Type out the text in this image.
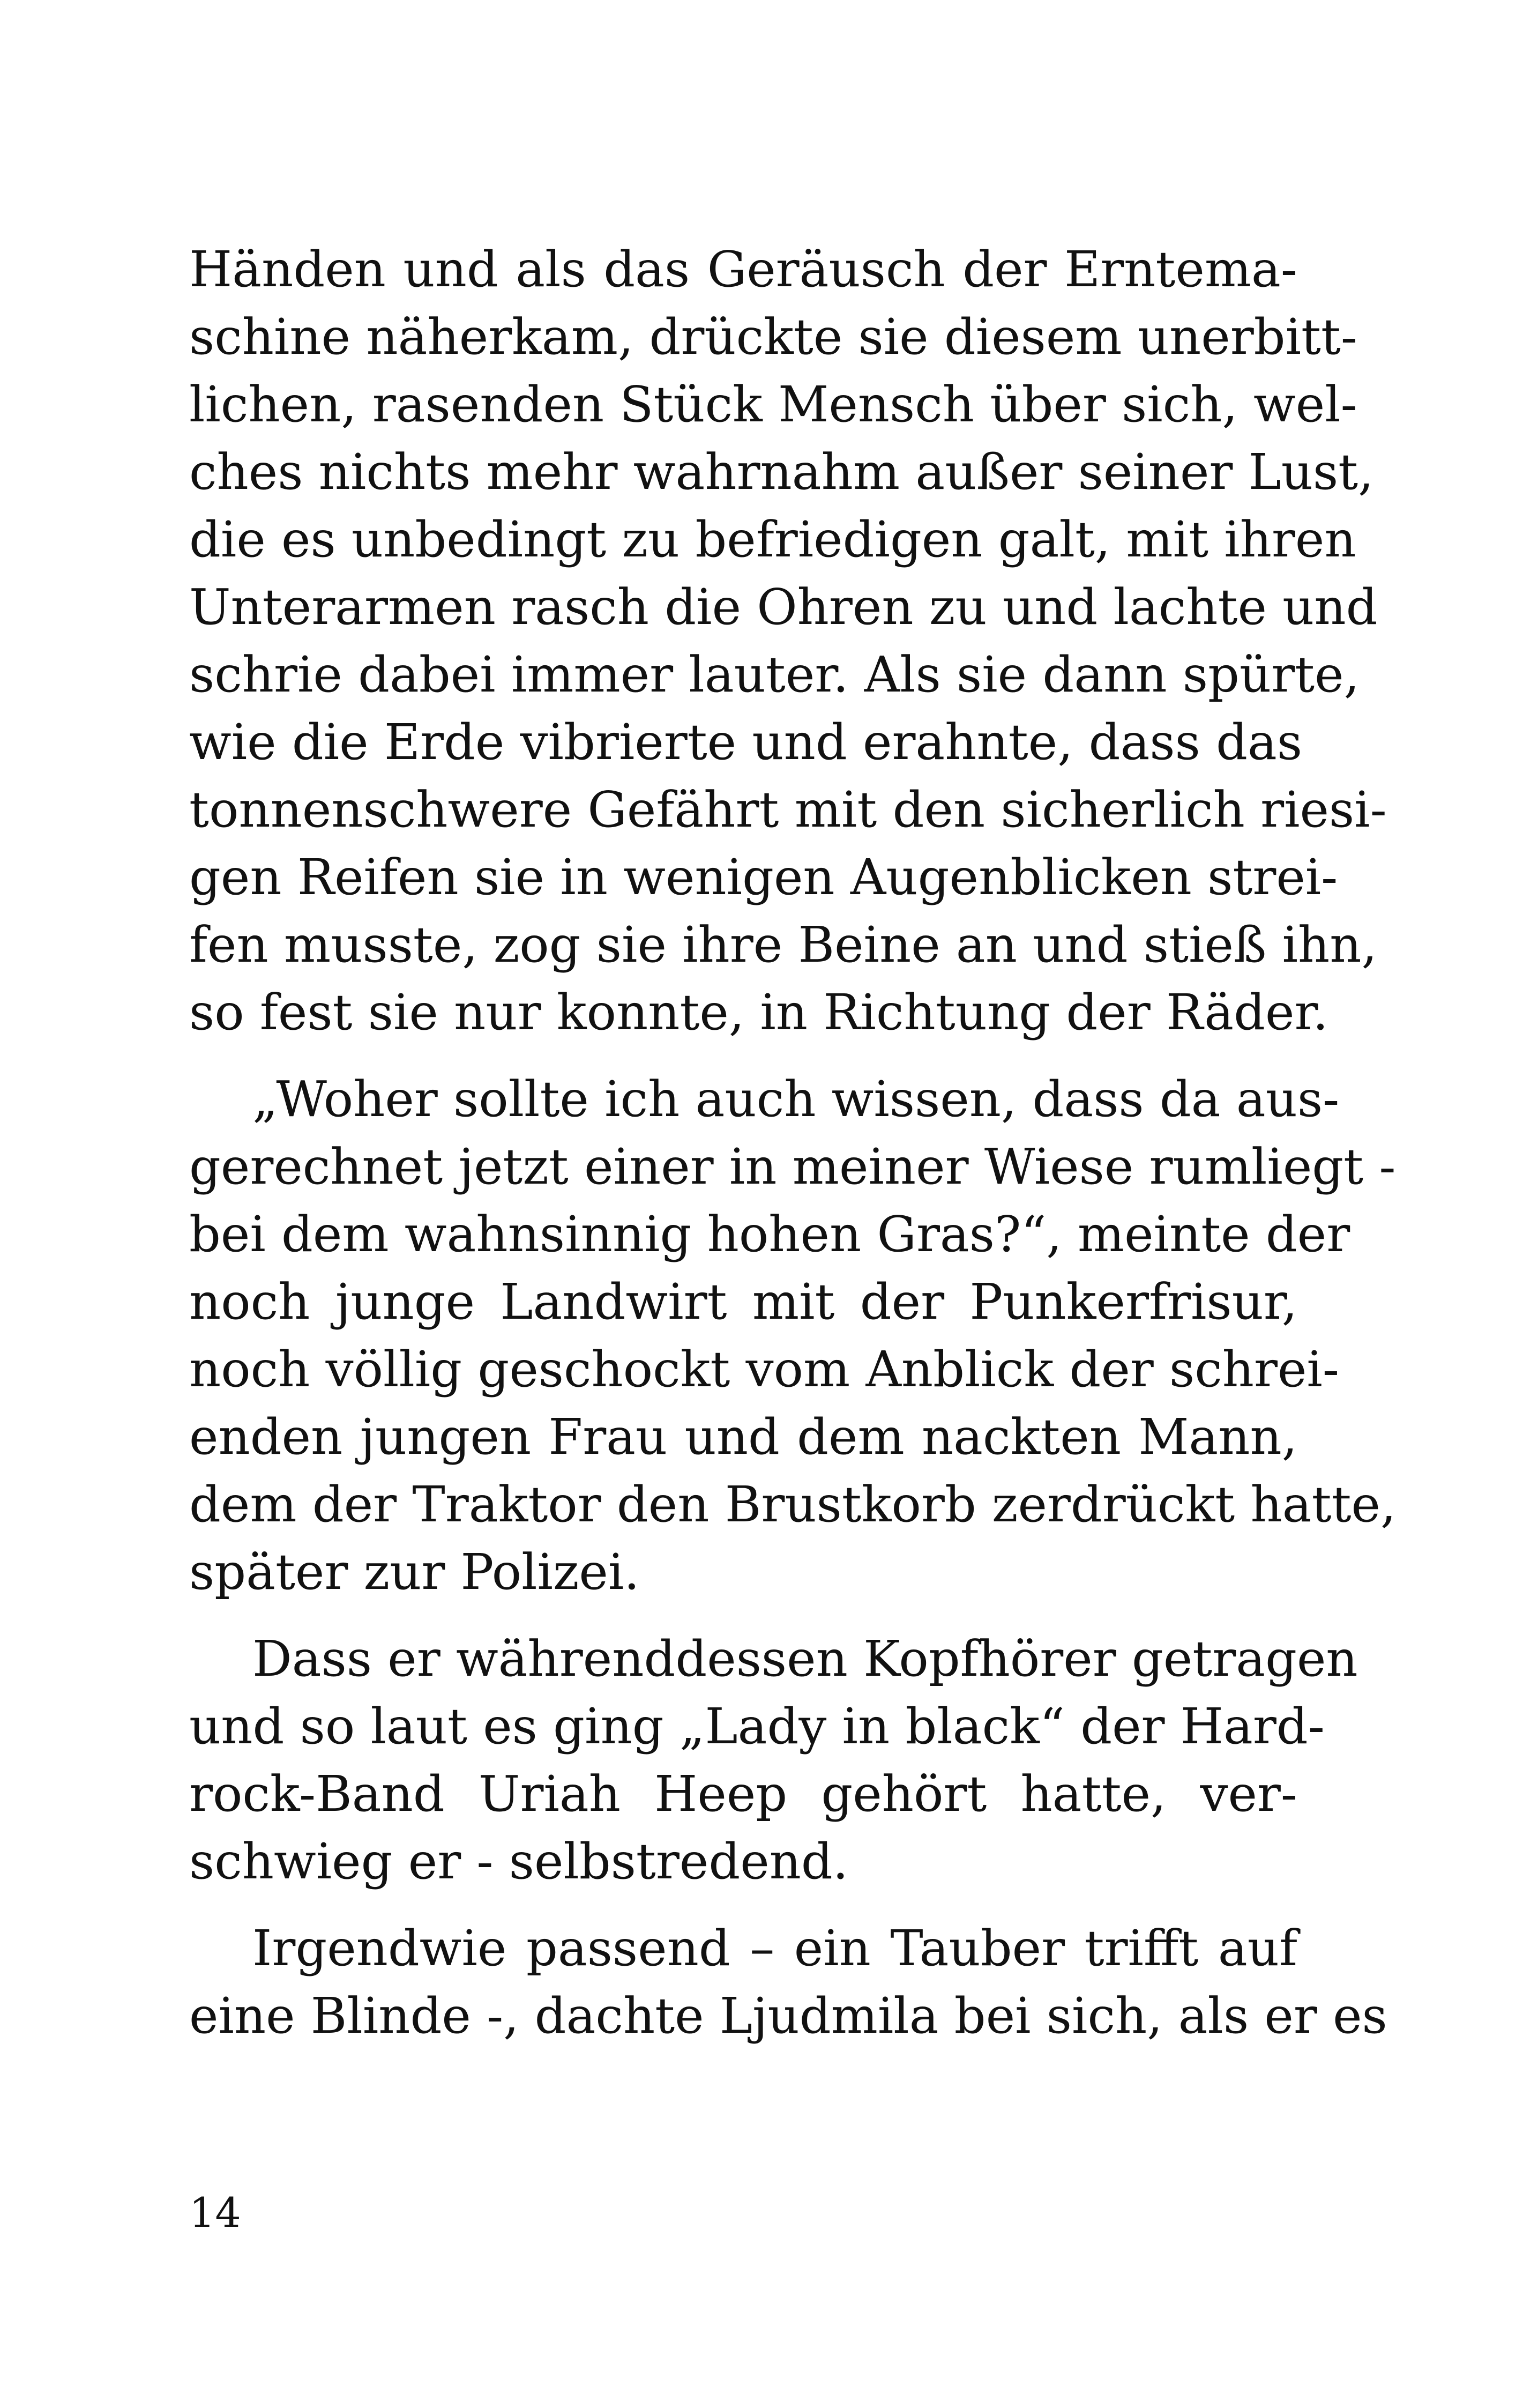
Händen und als das Geräusch der Erntema-
schine näherkam, drückte sie diesem unerbitt-
lichen, rasenden Stück Mensch über sich, wel-
ches nichts mehr wahrnahm außer seiner Lust,
die es unbedingt zu befriedigen galt, mit ihren
Unterarmen rasch die Ohren zu und lachte und
schrie dabei immer lauter. Als sie dann spürte,
wie die Erde vibrierte und erahnte, dass das
tonnenschwere Gefährt mit den sicherlich riesi-
gen Reifen sie in wenigen Augenblicken strei-
fen musste, zog sie ihre Beine an und stieß ihn,
so fest sie nur konnte, in Richtung der Räder.

„Woher sollte ich auch wissen, dass da aus-
gerechnet jetzt einer in meiner Wiese rumliegt -
bei dem wahnsinnig hohen Gras?“, meinte der
noch junge Landwirt mit der Punkerfrisur,
noch völlig geschockt vom Anblick der schrei-
enden jungen Frau und dem nackten Mann,
dem der Traktor den Brustkorb zerdrückt hatte,
später zur Polizei.

Dass er währenddessen Kopfhörer getragen
und so laut es ging „Lady in black“ der Hard-
rock-Band Uriah Heep gehört hatte, ver-
schwieg er - selbstredend.

Irgendwie passend – ein Tauber trifft auf
eine Blinde -, dachte Ljudmila bei sich, als er es

14
